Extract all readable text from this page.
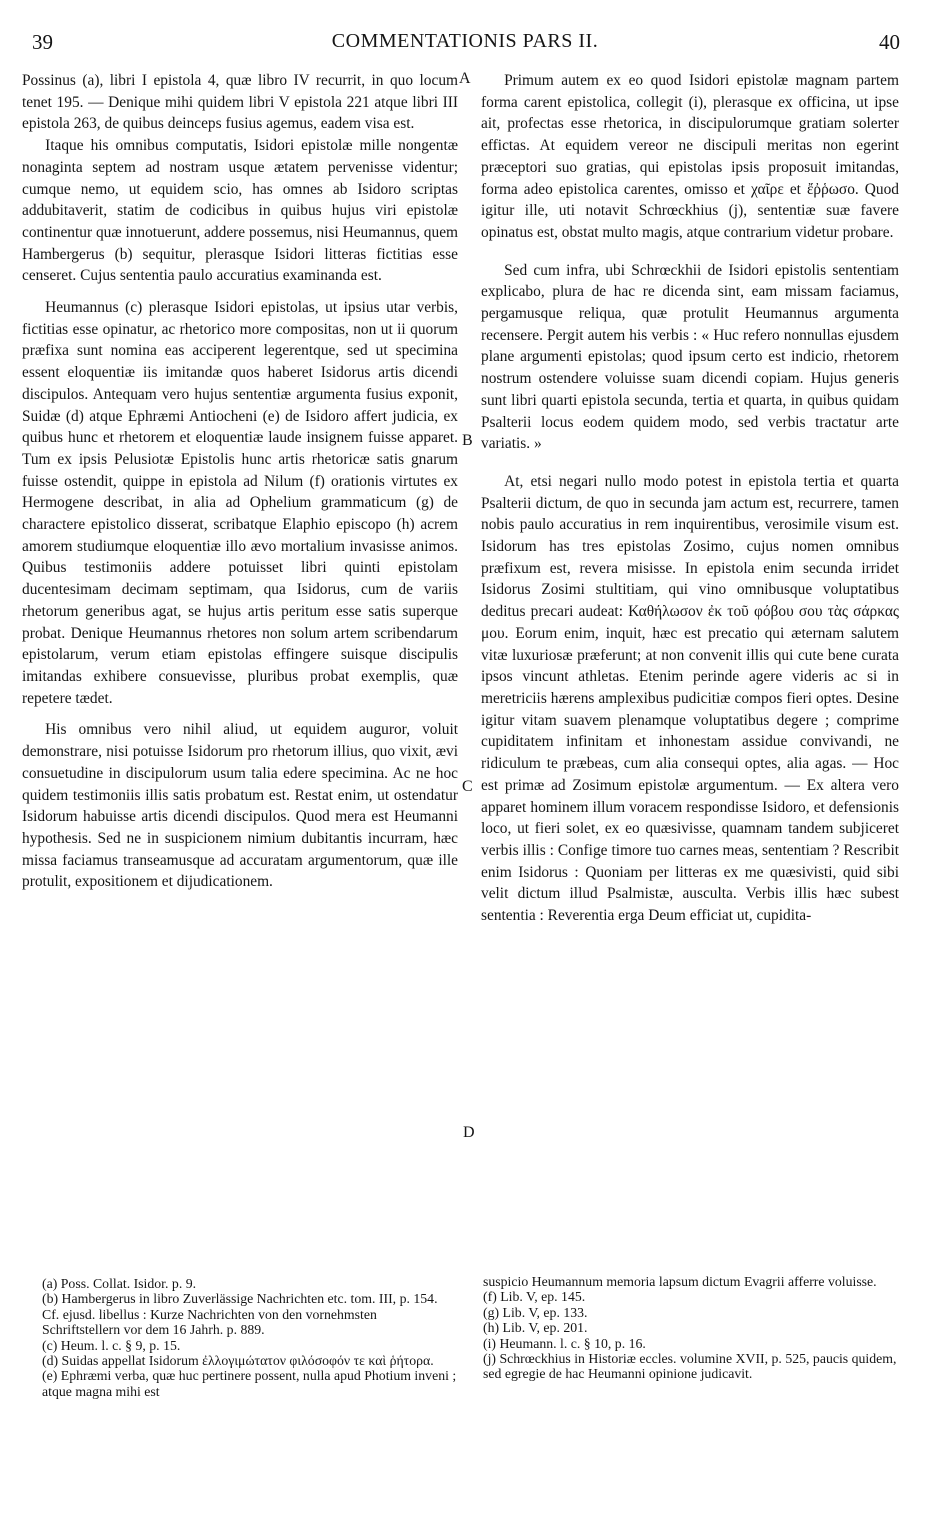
39	COMMENTATIONIS PARS II.	40
A
B
C
D

Possinus (a), libri I epistola 4, quæ libro IV recurrit, in quo locum tenet 195. — Denique mihi quidem libri V epistola 221 atque libri III epistola 263, de quibus deinceps fusius agemus, eadem visa est.

Itaque his omnibus computatis, Isidori epistolæ mille nongentæ nonaginta septem ad nostram usque ætatem pervenisse videntur; cumque nemo, ut equidem scio, has omnes ab Isidoro scriptas addubitaverit, statim de codicibus in quibus hujus viri epistolæ continentur quæ innotuerunt, addere possemus, nisi Heumannus, quem Hambergerus (b) sequitur, plerasque Isidori litteras fictitias esse censeret. Cujus sententia paulo accuratius examinanda est.

Heumannus (c) plerasque Isidori epistolas, ut ipsius utar verbis, fictitias esse opinatur, ac rhetorico more compositas, non ut ii quorum præfixa sunt nomina eas acciperent legerentque, sed ut specimina essent eloquentiæ iis imitandæ quos haberet Isidorus artis dicendi discipulos. Antequam vero hujus sententiæ argumenta fusius exponit, Suidæ (d) atque Ephræmi Antiocheni (e) de Isidoro affert judicia, ex quibus hunc et rhetorem et eloquentiæ laude insignem fuisse apparet. Tum ex ipsis Pelusiotæ Epistolis hunc artis rhetoricæ satis gnarum fuisse ostendit, quippe in epistola ad Nilum (f) orationis virtutes ex Hermogene describat, in alia ad Ophelium grammaticum (g) de charactere epistolico disserat, scribatque Elaphio episcopo (h) acrem amorem studiumque eloquentiæ illo ævo mortalium invasisse animos. Quibus testimoniis addere potuisset libri quinti epistolam ducentesimam decimam septimam, qua Isidorus, cum de variis rhetorum generibus agat, se hujus artis peritum esse satis superque probat. Denique Heumannus rhetores non solum artem scribendarum epistolarum, verum etiam epistolas effingere suisque discipulis imitandas exhibere consuevisse, pluribus probat exemplis, quæ repetere tædet.

His omnibus vero nihil aliud, ut equidem auguror, voluit demonstrare, nisi potuisse Isidorum pro rhetorum illius, quo vixit, ævi consuetudine in discipulorum usum talia edere specimina. Ac ne hoc quidem testimoniis illis satis probatum est. Restat enim, ut ostendatur Isidorum habuisse artis dicendi discipulos. Quod mera est Heumanni hypothesis. Sed ne in suspicionem nimium dubitantis incurram, hæc missa faciamus transeamusque ad accuratam argumentorum, quæ ille protulit, expositionem et dijudicationem.

Primum autem ex eo quod Isidori epistolæ magnam partem forma carent epistolica, collegit (i), plerasque ex officina, ut ipse ait, profectas esse rhetorica, in discipulorumque gratiam solerter effictas. At equidem vereor ne discipuli meritas non egerint præceptori suo gratias, qui epistolas ipsis proposuit imitandas, forma adeo epistolica carentes, omisso et χαῖρε et ἔῤῥωσο. Quod igitur ille, uti notavit Schrœckhius (j), sententiæ suæ favere opinatus est, obstat multo magis, atque contrarium videtur probare.

Sed cum infra, ubi Schrœckhii de Isidori epistolis sententiam explicabo, plura de hac re dicenda sint, eam missam faciamus, pergamusque reliqua, quæ protulit Heumannus argumenta recensere. Pergit autem his verbis : « Huc refero nonnullas ejusdem plane argumenti epistolas; quod ipsum certo est indicio, rhetorem nostrum ostendere voluisse suam dicendi copiam. Hujus generis sunt libri quarti epistola secunda, tertia et quarta, in quibus quidam Psalterii locus eodem quidem modo, sed verbis tractatur arte variatis. »

At, etsi negari nullo modo potest in epistola tertia et quarta Psalterii dictum, de quo in secunda jam actum est, recurrere, tamen nobis paulo accuratius in rem inquirentibus, verosimile visum est. Isidorum has tres epistolas Zosimo, cujus nomen omnibus præfixum est, revera misisse. In epistola enim secunda irridet Isidorus Zosimi stultitiam, qui vino omnibusque voluptatibus deditus precari audeat: Καθήλωσον ἐκ τοῦ φόβου σου τὰς σάρκας μου. Eorum enim, inquit, hæc est precatio qui æternam salutem vitæ luxuriosæ præferunt; at non convenit illis qui cute bene curata ipsos vincunt athletas. Etenim perinde agere videris ac si in meretriciis hærens amplexibus pudicitiæ compos fieri optes. Desine igitur vitam suavem plenamque voluptatibus degere ; comprime cupiditatem infinitam et inhonestam assidue convivandi, ne ridiculum te præbeas, cum alia consequi optes, alia agas. — Hoc est primæ ad Zosimum epistolæ argumentum. — Ex altera vero apparet hominem illum voracem respondisse Isidoro, et defensionis loco, ut fieri solet, ex eo quæsivisse, quamnam tandem subjiceret verbis illis : Confige timore tuo carnes meas, sententiam ? Rescribit enim Isidorus : Quoniam per litteras ex me quæsivisti, quid sibi velit dictum illud Psalmistæ, ausculta. Verbis illis hæc subest sententia : Reverentia erga Deum efficiat ut, cupidita-

(a) Poss. Collat. Isidor. p. 9.

(b) Hambergerus in libro Zuverlässige Nachrichten etc. tom. III, p. 154. Cf. ejusd. libellus : Kurze Nachrichten von den vornehmsten Schriftstellern vor dem 16 Jahrh. p. 889.

(c) Heum. l. c. § 9, p. 15.

(d) Suidas appellat Isidorum ἐλλογιμώτατον φιλόσοφόν τε καὶ ῥήτορα.

(e) Ephræmi verba, quæ huc pertinere possent, nulla apud Photium inveni ; atque magna mihi est

suspicio Heumannum memoria lapsum dictum Evagrii afferre voluisse.

(f) Lib. V, ep. 145.

(g) Lib. V, ep. 133.

(h) Lib. V, ep. 201.

(i) Heumann. l. c. § 10, p. 16.

(j) Schrœckhius in Historiæ eccles. volumine XVII, p. 525, paucis quidem, sed egregie de hac Heumanni opinione judicavit.
